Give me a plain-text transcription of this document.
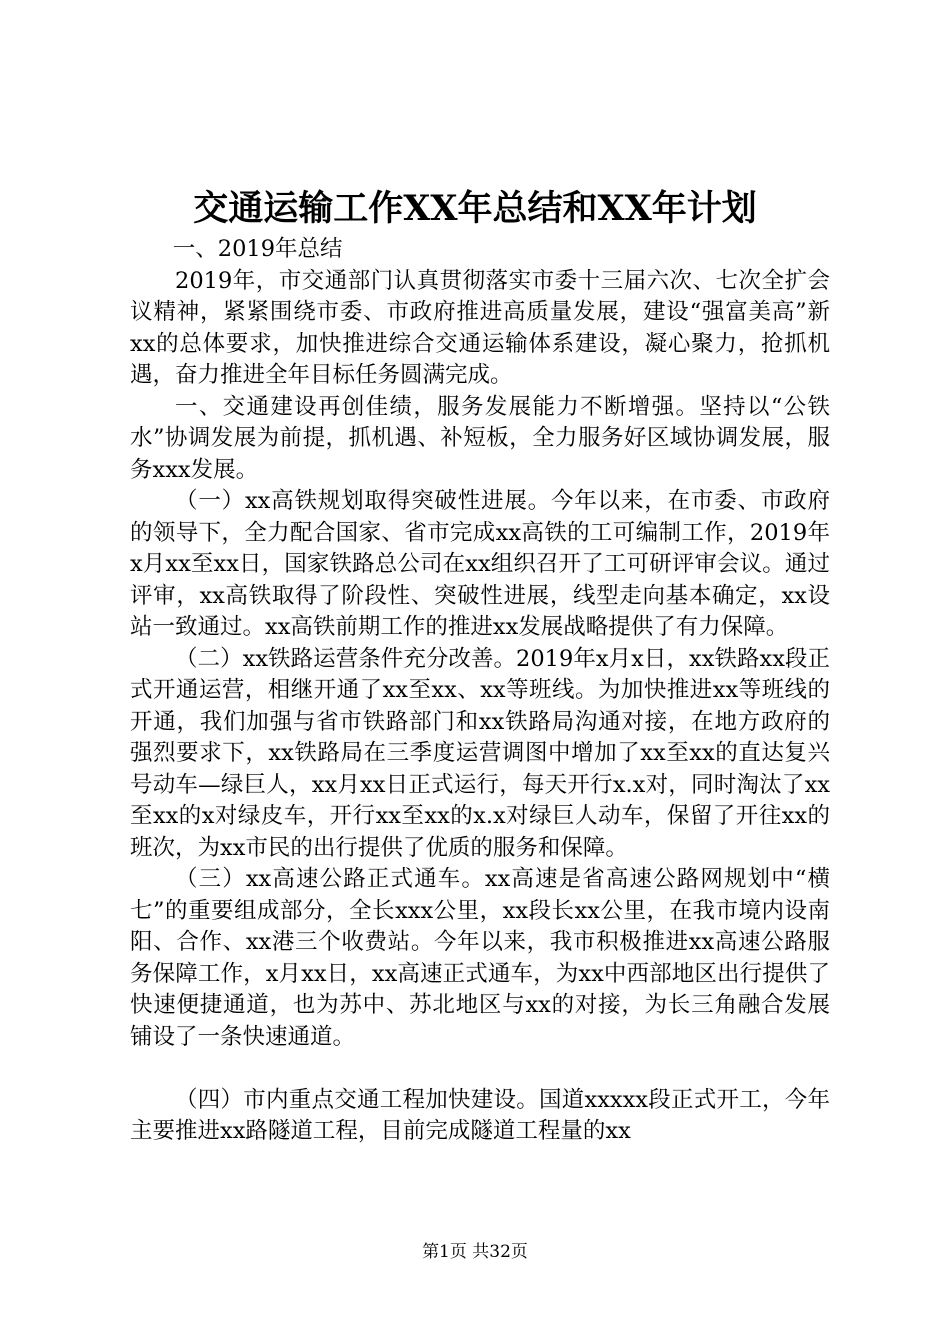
交通运输工作XX年总结和XX年计划

一、2019年总结

2019年，市交通部门认真贯彻落实市委十三届六次、七次全扩会议精神，紧紧围绕市委、市政府推进高质量发展，建设“强富美高”新xx的总体要求，加快推进综合交通运输体系建设，凝心聚力，抢抓机遇，奋力推进全年目标任务圆满完成。

一、交通建设再创佳绩，服务发展能力不断增强。坚持以“公铁水”协调发展为前提，抓机遇、补短板，全力服务好区域协调发展，服务xxx发展。

（一）xx高铁规划取得突破性进展。今年以来，在市委、市政府的领导下，全力配合国家、省市完成xx高铁的工可编制工作，2019年x月xx至xx日，国家铁路总公司在xx组织召开了工可研评审会议。通过评审，xx高铁取得了阶段性、突破性进展，线型走向基本确定，xx设站一致通过。xx高铁前期工作的推进xx发展战略提供了有力保障。

（二）xx铁路运营条件充分改善。2019年x月x日，xx铁路xx段正式开通运营，相继开通了xx至xx、xx等班线。为加快推进xx等班线的开通，我们加强与省市铁路部门和xx铁路局沟通对接，在地方政府的强烈要求下，xx铁路局在三季度运营调图中增加了xx至xx的直达复兴号动车—绿巨人，xx月xx日正式运行，每天开行x.x对，同时淘汰了xx至xx的x对绿皮车，开行xx至xx的x.x对绿巨人动车，保留了开往xx的班次，为xx市民的出行提供了优质的服务和保障。

（三）xx高速公路正式通车。xx高速是省高速公路网规划中“横七”的重要组成部分，全长xxx公里，xx段长xx公里，在我市境内设南阳、合作、xx港三个收费站。今年以来，我市积极推进xx高速公路服务保障工作，x月xx日，xx高速正式通车，为xx中西部地区出行提供了快速便捷通道，也为苏中、苏北地区与xx的对接，为长三角融合发展铺设了一条快速通道。

（四）市内重点交通工程加快建设。国道xxxxx段正式开工，今年主要推进xx路隧道工程，目前完成隧道工程量的xx

第1页 共32页
